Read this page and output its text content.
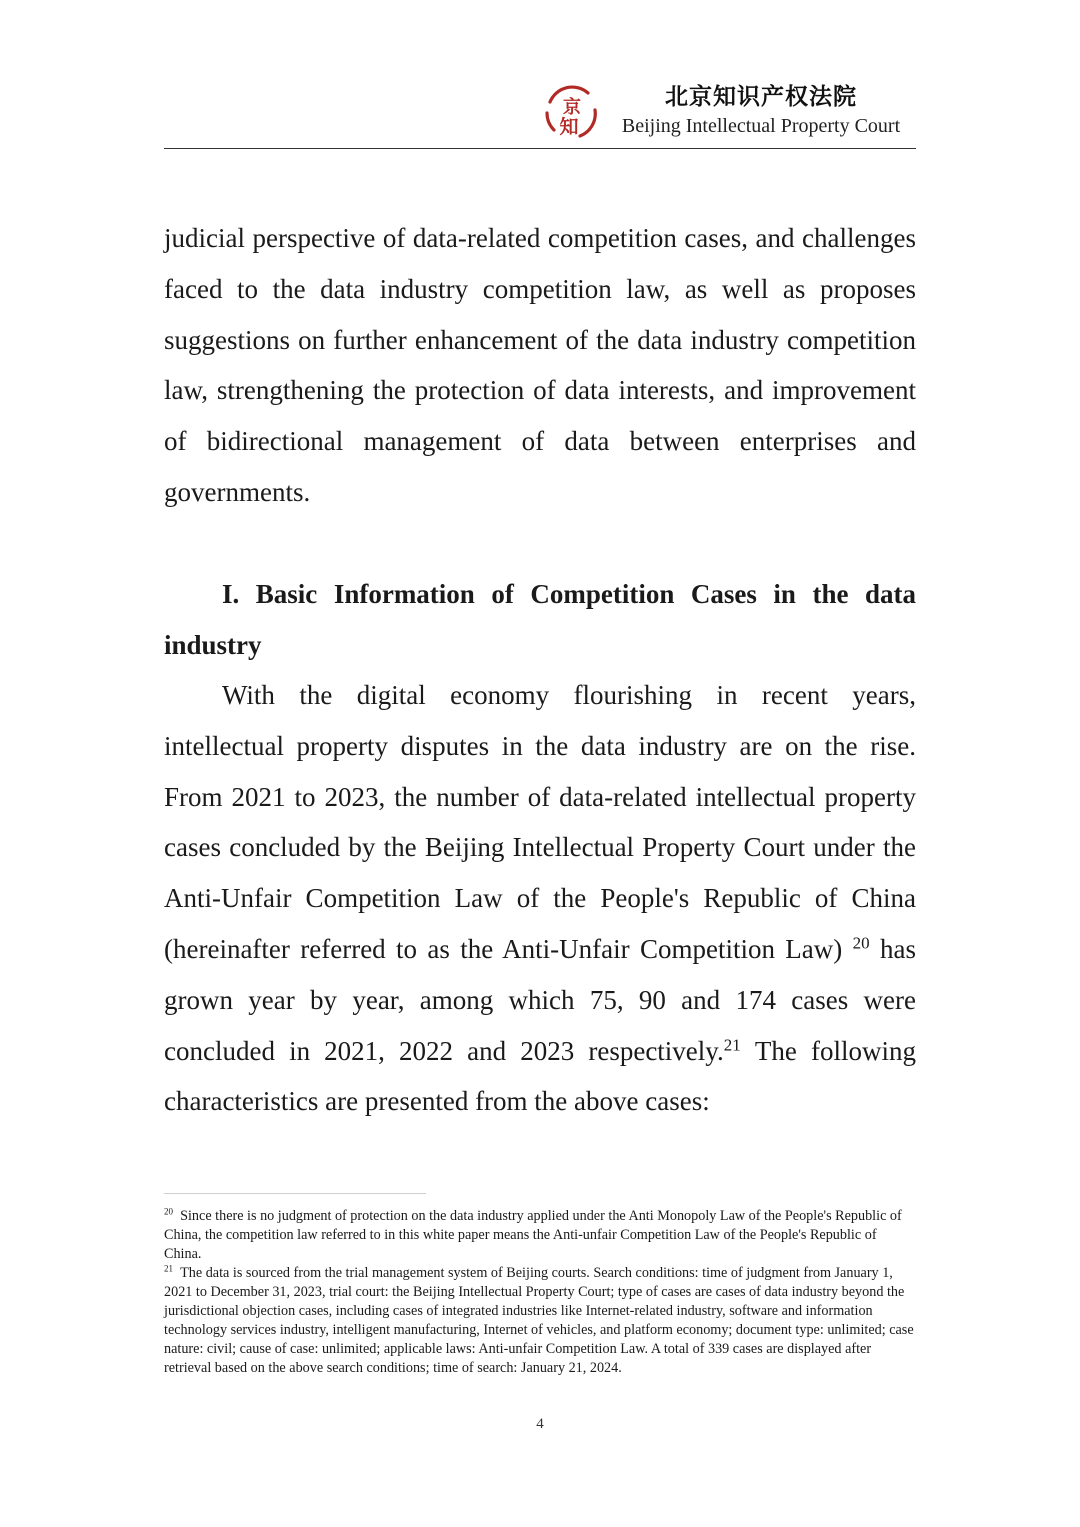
京
知
北京知识产权法院
Beijing Intellectual Property Court

judicial perspective of data-related competition cases, and challenges faced to the data industry competition law, as well as proposes suggestions on further enhancement of the data industry competition law, strengthening the protection of data interests, and improvement of bidirectional management of data between enterprises and governments.

I. Basic Information of Competition Cases in the data industry

With the digital economy flourishing in recent years, intellectual property disputes in the data industry are on the rise. From 2021 to 2023, the number of data-related intellectual property cases concluded by the Beijing Intellectual Property Court under the Anti-Unfair Competition Law of the People's Republic of China (hereinafter referred to as the Anti-Unfair Competition Law) $^{20}$ has grown year by year, among which 75, 90 and 174 cases were concluded in 2021, 2022 and 2023 respectively.$^{21}$ The following characteristics are presented from the above cases:

$^{20}$ Since there is no judgment of protection on the data industry applied under the Anti Monopoly Law of the People's Republic of China, the competition law referred to in this white paper means the Anti-unfair Competition Law of the People's Republic of China.

$^{21}$ The data is sourced from the trial management system of Beijing courts. Search conditions: time of judgment from January 1, 2021 to December 31, 2023, trial court: the Beijing Intellectual Property Court; type of cases are cases of data industry beyond the jurisdictional objection cases, including cases of integrated industries like Internet-related industry, software and information technology services industry, intelligent manufacturing, Internet of vehicles, and platform economy; document type: unlimited; case nature: civil; cause of case: unlimited; applicable laws: Anti-unfair Competition Law. A total of 339 cases are displayed after retrieval based on the above search conditions; time of search: January 21, 2024.

4
